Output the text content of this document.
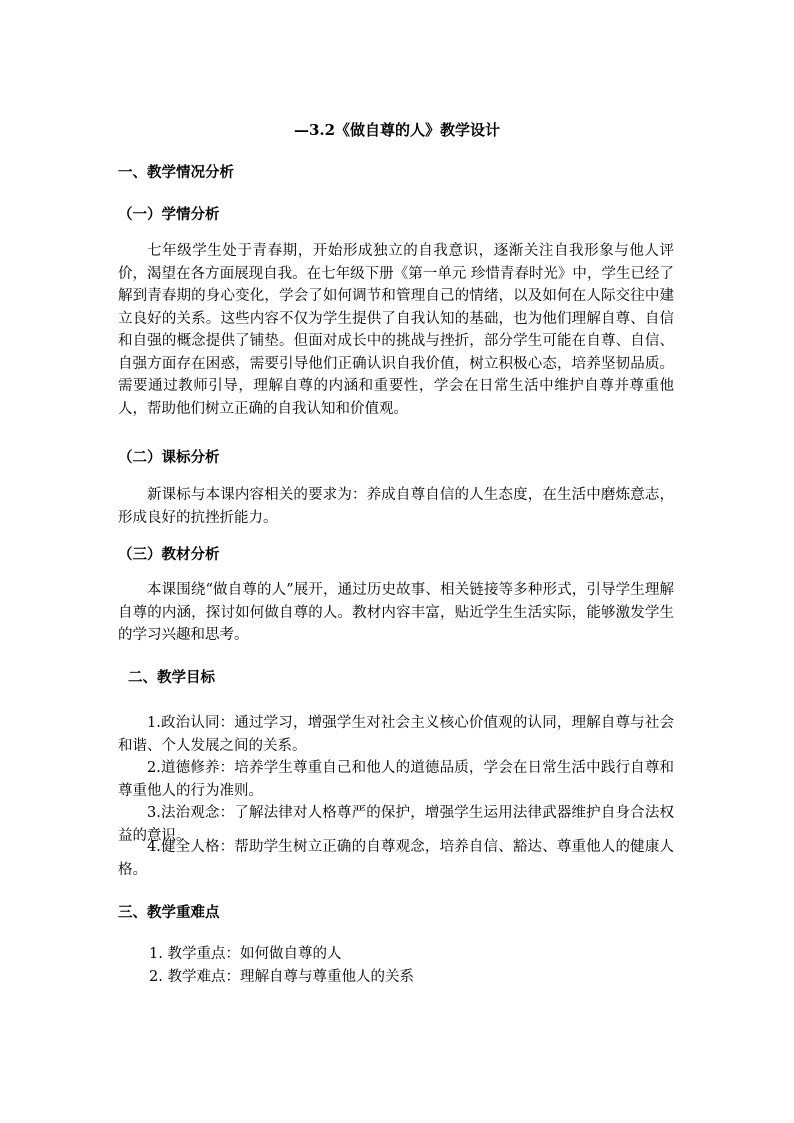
—3.2《做自尊的人》教学设计
一、教学情况分析
（一）学情分析

七年级学生处于青春期，开始形成独立的自我意识，逐渐关注自我形象与他人评价，渴望在各方面展现自我。在七年级下册《第一单元 珍惜青春时光》中，学生已经了解到青春期的身心变化，学会了如何调节和管理自己的情绪，以及如何在人际交往中建立良好的关系。这些内容不仅为学生提供了自我认知的基础，也为他们理解自尊、自信和自强的概念提供了铺垫。但面对成长中的挑战与挫折，部分学生可能在自尊、自信、自强方面存在困惑，需要引导他们正确认识自我价值，树立积极心态，培养坚韧品质。需要通过教师引导，理解自尊的内涵和重要性，学会在日常生活中维护自尊并尊重他人，帮助他们树立正确的自我认知和价值观。

（二）课标分析

新课标与本课内容相关的要求为：养成自尊自信的人生态度，在生活中磨炼意志，形成良好的抗挫折能力。

（三）教材分析

本课围绕“做自尊的人”展开，通过历史故事、相关链接等多种形式，引导学生理解自尊的内涵，探讨如何做自尊的人。教材内容丰富，贴近学生生活实际，能够激发学生的学习兴趣和思考。

二、教学目标

1.政治认同：通过学习，增强学生对社会主义核心价值观的认同，理解自尊与社会和谐、个人发展之间的关系。

2.道德修养：培养学生尊重自己和他人的道德品质，学会在日常生活中践行自尊和尊重他人的行为准则。

3.法治观念：了解法律对人格尊严的保护，增强学生运用法律武器维护自身合法权益的意识。

4.健全人格：帮助学生树立正确的自尊观念，培养自信、豁达、尊重他人的健康人格。

三、教学重难点
1. 教学重点：如何做自尊的人
2. 教学难点：理解自尊与尊重他人的关系
